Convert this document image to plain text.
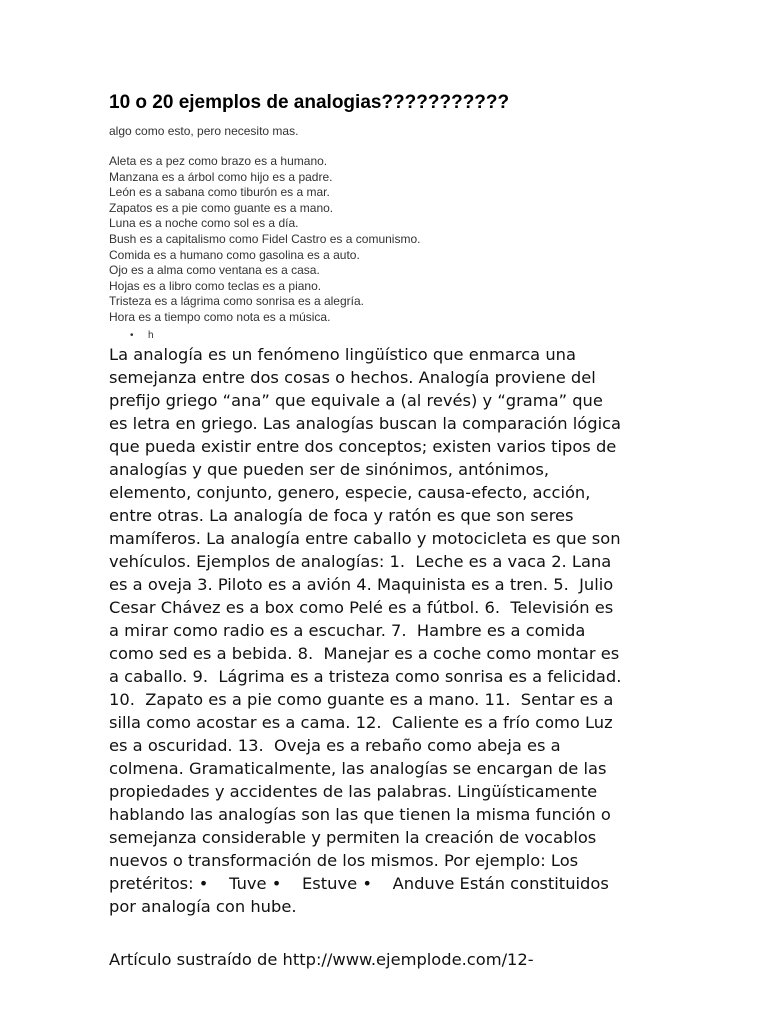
10 o 20 ejemplos de analogias???????????

algo como esto, pero necesito mas.

Aleta es a pez como brazo es a humano.
Manzana es a árbol como hijo es a padre.
León es a sabana como tiburón es a mar.
Zapatos es a pie como guante es a mano.
Luna es a noche como sol es a día.
Bush es a capitalismo como Fidel Castro es a comunismo.
Comida es a humano como gasolina es a auto.
Ojo es a alma como ventana es a casa.
Hojas es a libro como teclas es a piano.
Tristeza es a lágrima como sonrisa es a alegría.
Hora es a tiempo como nota es a música.
• h
La analogía es un fenómeno lingüístico que enmarca una
semejanza entre dos cosas o hechos. Analogía proviene del
prefijo griego “ana” que equivale a (al revés) y “grama” que
es letra en griego. Las analogías buscan la comparación lógica
que pueda existir entre dos conceptos; existen varios tipos de
analogías y que pueden ser de sinónimos, antónimos,
elemento, conjunto, genero, especie, causa-efecto, acción,
entre otras. La analogía de foca y ratón es que son seres
mamíferos. La analogía entre caballo y motocicleta es que son
vehículos. Ejemplos de analogías: 1.  Leche es a vaca 2. Lana
es a oveja 3. Piloto es a avión 4. Maquinista es a tren. 5.  Julio
Cesar Chávez es a box como Pelé es a fútbol. 6.  Televisión es
a mirar como radio es a escuchar. 7.  Hambre es a comida
como sed es a bebida. 8.  Manejar es a coche como montar es
a caballo. 9.  Lágrima es a tristeza como sonrisa es a felicidad.
10.  Zapato es a pie como guante es a mano. 11.  Sentar es a
silla como acostar es a cama. 12.  Caliente es a frío como Luz
es a oscuridad. 13.  Oveja es a rebaño como abeja es a
colmena. Gramaticalmente, las analogías se encargan de las
propiedades y accidentes de las palabras. Lingüísticamente
hablando las analogías son las que tienen la misma función o
semejanza considerable y permiten la creación de vocablos
nuevos o transformación de los mismos. Por ejemplo: Los
pretéritos: •    Tuve •    Estuve •    Anduve Están constituidos
por analogía con hube.

Artículo sustraído de http://www.ejemplode.com/12-
